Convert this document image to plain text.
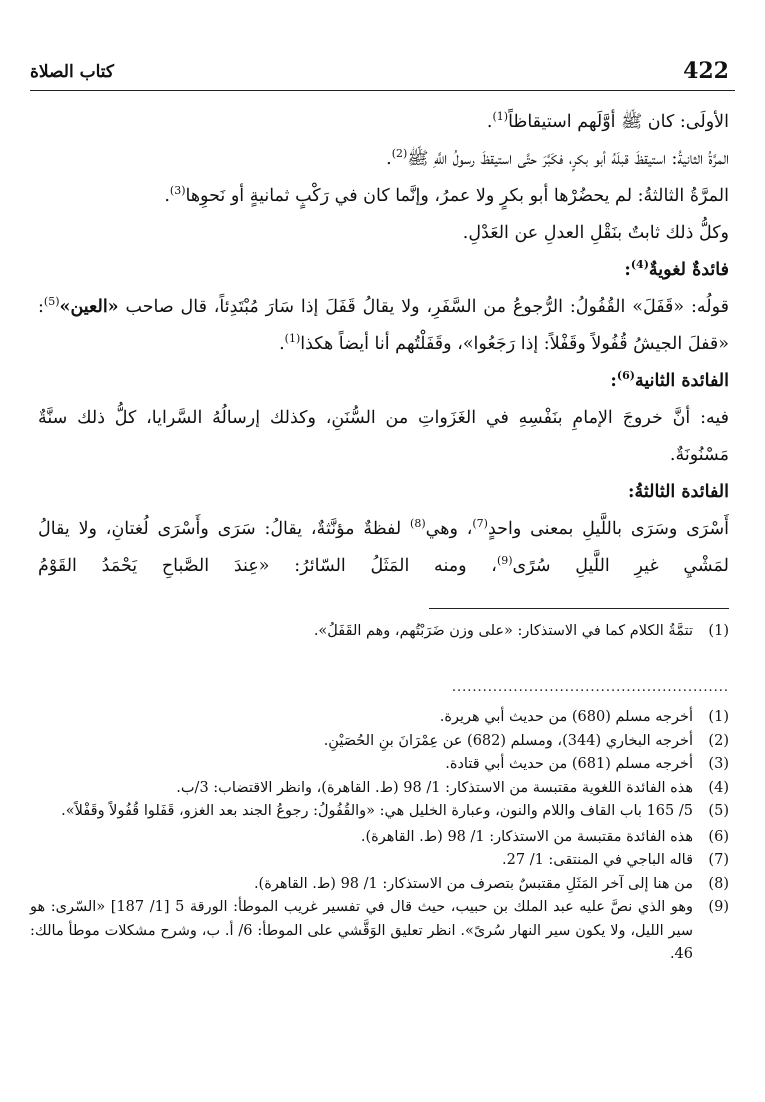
كتاب الصلاة	422

الأولَى: كان ﷺ أوَّلَهم استيقاظاً$^{(1)}$.

المرَّةُ الثانيةُ: استيقظَ قبلَهُ أبو بكرٍ، فكَبَّرَ حتَّى استيقظَ رسولُ اللَّهِ ﷺ$^{(2)}$.

المرَّةُ الثالثةُ: لم يحضُرْها أبو بكرٍ ولا عمرُ، وإنَّما كان في رَكْبٍ ثمانيةٍ أو نَحوِها$^{(3)}$.

وكلُّ ذلك ثابتٌ بنَقْلِ العدلِ عن العَدْلِ.

فائدةٌ لغويةٌ$^{(4)}$:

قولُه: «قَفَلَ» القُفُولُ: الرُّجوعُ من السَّفَرِ، ولا يقالُ قَفَلَ إذا سَارَ مُبْتَدِئاً، قال صاحب «العين»$^{(5)}$: «قفلَ الجيشُ قُفُولاً وقَفْلاً: إذا رَجَعُوا»، وقَفَلْتُهم أنا أيضاً هكذا$^{(1)}$.

الفائدة الثانية$^{(6)}$:

فيه: أنَّ خروجَ الإمامِ بنَفْسِهِ في الغَزَواتِ من السُّنَنِ، وكذلك إرسالُهُ السَّرايا، كلُّ ذلك سنَّةٌ مَسْنُونَةٌ.

الفائدة الثالثةُ:

أَسْرَى وسَرَى باللَّيلِ بمعنى واحدٍ$^{(7)}$، وهي$^{(8)}$ لفظةٌ مؤنَّثةٌ، يقالُ: سَرَى وأَسْرَى لُغتانِ، ولا يقالُ لمَشْيِ غيرِ اللَّيلِ سُرًى$^{(9)}$، ومنه المَثَلُ السّائرُ: «عِندَ الصَّباحِ يَحْمَدُ القَوْمُ

(1)
تتمَّةُ الكلام كما في الاستذكار: «على وزن ضَرَبْتُهم، وهم القَفَلُ».
......................................................
(1)
أخرجه مسلم (680) من حديث أبي هريرة.
(2)
أخرجه البخاري (344)، ومسلم (682) عن عِمْرَانَ بنِ الحُصَيْنِ.
(3)
أخرجه مسلم (681) من حديث أبي قتادة.
(4)
هذه الفائدة اللغوية مقتبسة من الاستذكار: 1/ 98 (ط. القاهرة)، وانظر الاقتضاب: 3/ب.
(5)
5/ 165 باب القاف واللام والنون، وعبارة الخليل هي: «والقُفُولُ: رجوعُ الجند بعد الغزو، قَفَلوا قُفُولاً وقَفْلاً».
(6)
هذه الفائدة مقتبسة من الاستذكار: 1/ 98 (ط. القاهرة).
(7)
قاله الباجي في المنتقى: 1/ 27.
(8)
من هنا إلى آخر المَثَلِ مقتبسٌ بتصرف من الاستذكار: 1/ 98 (ط. القاهرة).
(9)
وهو الذي نصَّ عليه عبد الملك بن حبيب، حيث قال في تفسير غريب الموطأ: الورقة 5 [1/ 187] «السّرى: هو سير الليل، ولا يكون سير النهار سُرىً». انظر تعليق الوَقَّشي على الموطأ: 6/ أ. ب، وشرح مشكلات موطأ مالك: 46.
